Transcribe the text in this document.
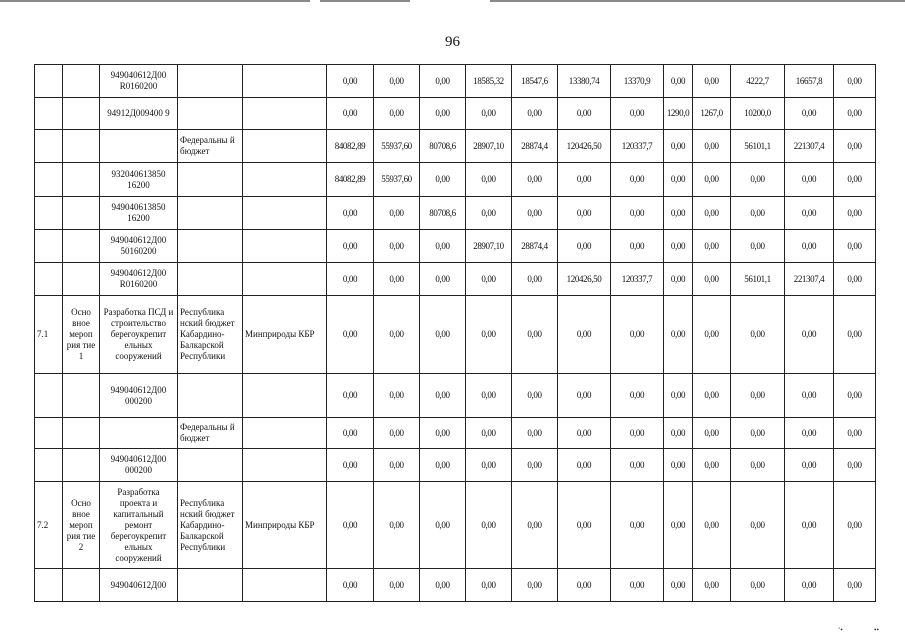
96
		949040612Д00 R0160200			0,00	0,00	0,00	18585,32	18547,6	13380,74	13370,9	0,00	0,00	4222,7	16657,8	0,00
		94912Д009400 9			0,00	0,00	0,00	0,00	0,00	0,00	0,00	1290,0	1267,0	10200,0	0,00	0,00
			Федеральны й бюджет		84082,89	55937,60	80708,6	28907,10	28874,4	120426,50	120337,7	0,00	0,00	56101,1	221307,4	0,00
		932040613850 16200			84082,89	55937,60	0,00	0,00	0,00	0,00	0,00	0,00	0,00	0,00	0,00	0,00
		949040613850 16200			0,00	0,00	80708,6	0,00	0,00	0,00	0,00	0,00	0,00	0,00	0,00	0,00
		949040612Д00 50160200			0,00	0,00	0,00	28907,10	28874,4	0,00	0,00	0,00	0,00	0,00	0,00	0,00
		949040612Д00 R0160200			0,00	0,00	0,00	0,00	0,00	120426,50	120337,7	0,00	0,00	56101,1	221307,4	0,00
7.1	Осно вное мероп рия тие 1	Разработка ПСД и строительство берегоукрепит ельных сооружений	Республика нский бюджет Кабардино-Балкарской Республики	Минприроды КБР	0,00	0,00	0,00	0,00	0,00	0,00	0,00	0,00	0,00	0,00	0,00	0,00
		949040612Д00 000200			0,00	0,00	0,00	0,00	0,00	0,00	0,00	0,00	0,00	0,00	0,00	0,00
			Федеральны й бюджет		0,00	0,00	0,00	0,00	0,00	0,00	0,00	0,00	0,00	0,00	0,00	0,00
		949040612Д00 000200			0,00	0,00	0,00	0,00	0,00	0,00	0,00	0,00	0,00	0,00	0,00	0,00
7.2	Осно вное мероп рия тие 2	Разработка проекта и капитальный ремонт берегоукрепит ельных сооружений	Республика нский бюджет Кабардино-Балкарской Республики	Минприроды КБР	0,00	0,00	0,00	0,00	0,00	0,00	0,00	0,00	0,00	0,00	0,00	0,00
		949040612Д00			0,00	0,00	0,00	0,00	0,00	0,00	0,00	0,00	0,00	0,00	0,00	0,00
‘•	••
